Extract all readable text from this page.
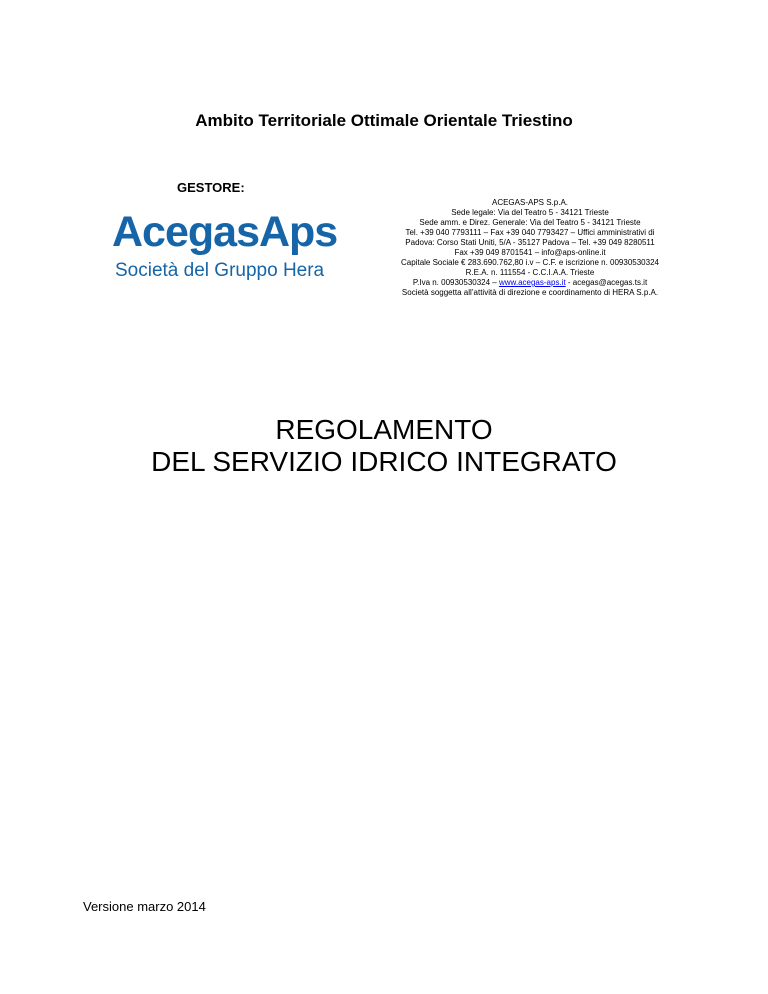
Ambito Territoriale Ottimale Orientale Triestino
GESTORE:
AcegasAps
Società del Gruppo Hera
ACEGAS-APS S.p.A.
Sede legale: Via del Teatro 5 - 34121 Trieste
Sede amm. e Direz. Generale: Via del Teatro 5 - 34121 Trieste
Tel. +39 040 7793111 – Fax +39 040 7793427 – Uffici amministrativi di
Padova: Corso Stati Uniti, 5/A - 35127 Padova – Tel. +39 049 8280511
Fax +39 049 8701541 – info@aps-online.it
Capitale Sociale € 283.690.762,80 i.v – C.F. e iscrizione n. 00930530324
R.E.A. n. 111554 - C.C.I.A.A. Trieste
P.Iva n. 00930530324 – www.acegas-aps.it - acegas@acegas.ts.it
Società soggetta all’attività di direzione e coordinamento di HERA S.p.A.
REGOLAMENTO
DEL SERVIZIO IDRICO INTEGRATO
Versione marzo 2014
